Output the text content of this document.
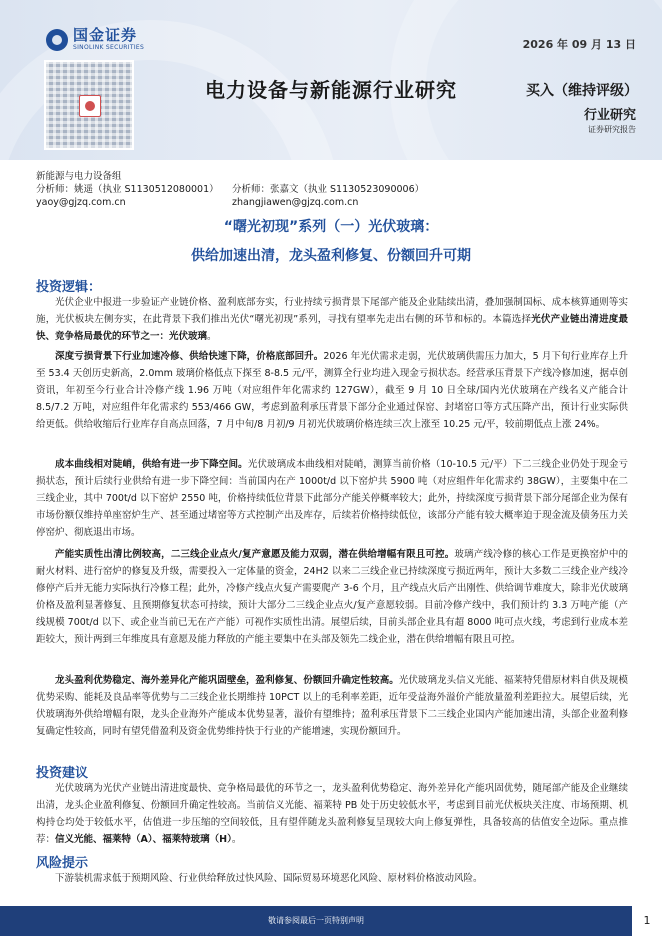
国金证券
SINOLINK SECURITIES	2026 年 09 月 13 日
电力设备与新能源行业研究	买入（维持评级）
行业研究
证券研究报告
新能源与电力设备组
分析师：姚遥（执业 S1130512080001）	分析师：张嘉文（执业 S1130523090006）
yaoy@gjzq.com.cn	zhangjiawen@gjzq.com.cn
“曙光初现”系列（一）光伏玻璃：
供给加速出清，龙头盈利修复、份额回升可期
投资逻辑：

光伏企业中报进一步验证产业链价格、盈利底部夯实，行业持续亏损背景下尾部产能及企业陆续出清，叠加强制国标、成本核算通则等实施，光伏板块左侧夯实，在此背景下我们推出光伏“曙光初现”系列，寻找有望率先走出右侧的环节和标的。本篇选择光伏产业链出清进度最快、竞争格局最优的环节之一：光伏玻璃。

深度亏损背景下行业加速冷修、供给快速下降，价格底部回升。2026 年光伏需求走弱，光伏玻璃供需压力加大，5 月下旬行业库存上升至 53.4 天创历史新高，2.0mm 玻璃价格低点下探至 8-8.5 元/平，测算全行业均进入现金亏损状态。经营承压背景下产线冷修加速，据卓创资讯，年初至今行业合计冷修产线 1.96 万吨（对应组件年化需求约 127GW），截至 9 月 10 日全球/国内光伏玻璃在产线名义产能合计 8.5/7.2 万吨，对应组件年化需求约 553/466 GW，考虑到盈利承压背景下部分企业通过保窑、封堵窑口等方式压降产出，预计行业实际供给更低。供给收缩后行业库存自高点回落，7 月中旬/8 月初/9 月初光伏玻璃价格连续三次上涨至 10.25 元/平，较前期低点上涨 24%。

成本曲线相对陡峭，供给有进一步下降空间。光伏玻璃成本曲线相对陡峭，测算当前价格（10-10.5 元/平）下二三线企业仍处于现金亏损状态，预计后续行业供给有进一步下降空间：当前国内在产 1000t/d 以下窑炉共 5900 吨（对应组件年化需求约 38GW），主要集中在二三线企业，其中 700t/d 以下窑炉 2550 吨，价格持续低位背景下此部分产能关停概率较大；此外，持续深度亏损背景下部分尾部企业为保有市场份额仅维持单座窑炉生产、甚至通过堵窑等方式控制产出及库存，后续若价格持续低位，该部分产能有较大概率迫于现金流及债务压力关停窑炉、彻底退出市场。

产能实质性出清比例较高，二三线企业点火/复产意愿及能力双弱，潜在供给增幅有限且可控。玻璃产线冷修的核心工作是更换窑炉中的耐火材料、进行窑炉的修复及升级，需要投入一定体量的资金，24H2 以来二三线企业已持续深度亏损近两年，预计大多数二三线企业产线冷修停产后并无能力实际执行冷修工程；此外，冷修产线点火复产需要爬产 3-6 个月，且产线点火后产出刚性、供给调节难度大，除非光伏玻璃价格及盈利显著修复、且预期修复状态可持续，预计大部分二三线企业点火/复产意愿较弱。目前冷修产线中，我们预计约 3.3 万吨产能（产线规模 700t/d 以下、或企业当前已无在产产能）可视作实质性出清。展望后续，目前头部企业具有超 8000 吨可点火线，考虑到行业成本差距较大，预计两到三年维度具有意愿及能力释放的产能主要集中在头部及领先二线企业，潜在供给增幅有限且可控。

龙头盈利优势稳定、海外差异化产能巩固壁垒，盈利修复、份额回升确定性较高。光伏玻璃龙头信义光能、福莱特凭借原材料自供及规模优势采购、能耗及良品率等优势与二三线企业长期维持 10PCT 以上的毛利率差距，近年受益海外溢价产能放量盈利差距拉大。展望后续，光伏玻璃海外供给增幅有限，龙头企业海外产能成本优势显著，溢价有望维持；盈利承压背景下二三线企业国内产能加速出清，头部企业盈利修复确定性较高，同时有望凭借盈利及资金优势维持快于行业的产能增速，实现份额回升。

投资建议

光伏玻璃为光伏产业链出清进度最快、竞争格局最优的环节之一，龙头盈利优势稳定、海外差异化产能巩固优势，随尾部产能及企业继续出清，龙头企业盈利修复、份额回升确定性较高。当前信义光能、福莱特 PB 处于历史较低水平，考虑到目前光伏板块关注度、市场预期、机构持仓均处于较低水平，估值进一步压缩的空间较低，且有望伴随龙头盈利修复呈现较大向上修复弹性，具备较高的估值安全边际。重点推荐：信义光能、福莱特（A）、福莱特玻璃（H）。

风险提示

下游装机需求低于预期风险、行业供给释放过快风险、国际贸易环境恶化风险、原材料价格波动风险。

敬请参阅最后一页特别声明	1
